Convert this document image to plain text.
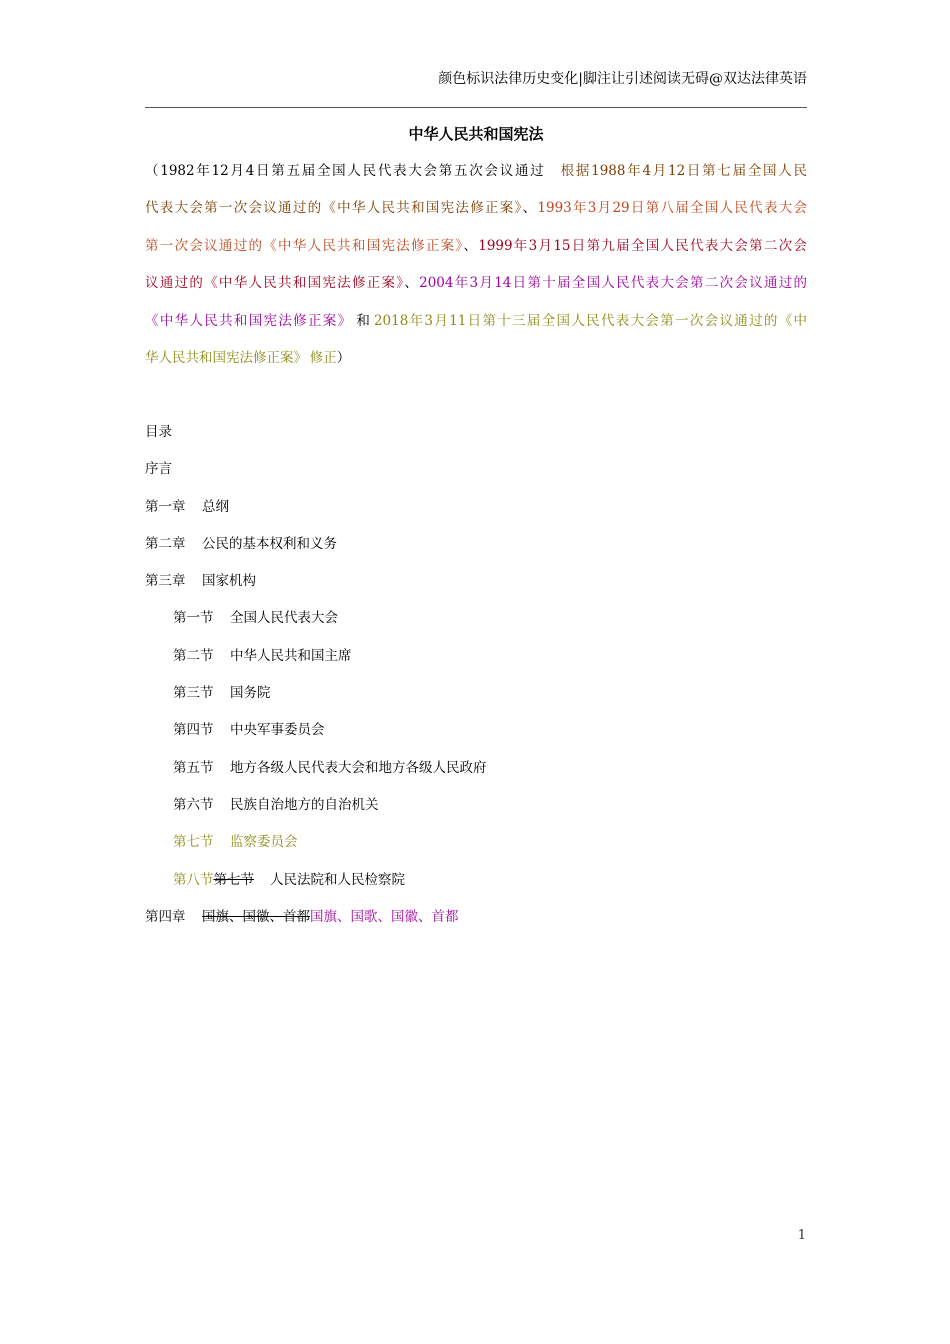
颜色标识法律历史变化|脚注让引述阅读无碍@双达法律英语
中华人民共和国宪法
（1982年12月4日第五届全国人民代表大会第五次会议通过　 根据1988年4月12日第七届全国人民
代表大会第一次会议通过的《中华人民共和国宪法修正案》、1993年3月29日第八届全国人民代表大会
第一次会议通过的《中华人民共和国宪法修正案》、1999年3月15日第九届全国人民代表大会第二次会
议通过的《中华人民共和国宪法修正案》、2004年3月14日第十届全国人民代表大会第二次会议通过的
《中华人民共和国宪法修正案》  和  2018年3月11日第十三届全国人民代表大会第一次会议通过的《中
华人民共和国宪法修正案》  修正）
目录
序言
第一章 总纲
第二章 公民的基本权利和义务
第三章 国家机构
第一节 全国人民代表大会
第二节 中华人民共和国主席
第三节 国务院
第四节 中央军事委员会
第五节 地方各级人民代表大会和地方各级人民政府
第六节 民族自治地方的自治机关
第七节 监察委员会
第八节第七节 人民法院和人民检察院
第四章 国旗、国徽、首都国旗、国歌、国徽、首都
1
